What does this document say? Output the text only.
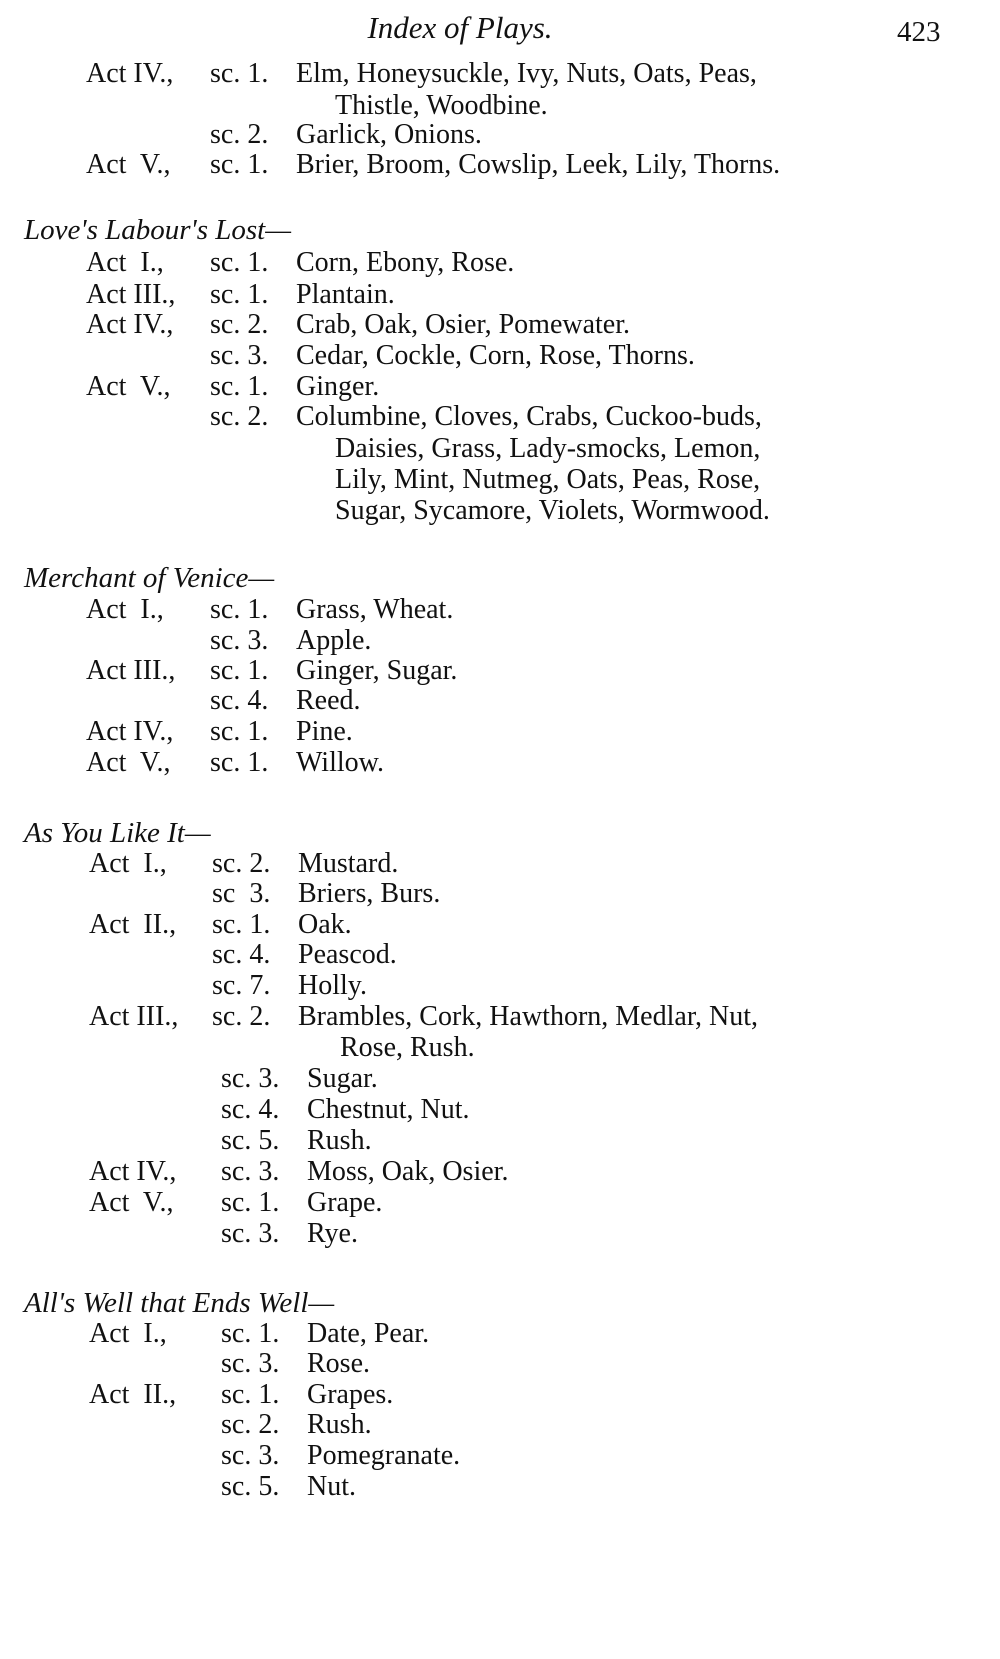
Index of Plays.	423
Act IV., sc. 1. Elm, Honeysuckle, Ivy, Nuts, Oats, Peas,
Thistle, Woodbine.
sc. 2. Garlick, Onions.
Act  V., sc. 1. Brier, Broom, Cowslip, Leek, Lily, Thorns.
Love's Labour's Lost—
Act  I., sc. 1. Corn, Ebony, Rose.
Act III., sc. 1. Plantain.
Act IV., sc. 2. Crab, Oak, Osier, Pomewater.
sc. 3. Cedar, Cockle, Corn, Rose, Thorns.
Act  V., sc. 1. Ginger.
sc. 2. Columbine, Cloves, Crabs, Cuckoo-buds,
Daisies, Grass, Lady-smocks, Lemon,
Lily, Mint, Nutmeg, Oats, Peas, Rose,
Sugar, Sycamore, Violets, Wormwood.
Merchant of Venice—
Act  I., sc. 1. Grass, Wheat.
sc. 3. Apple.
Act III., sc. 1. Ginger, Sugar.
sc. 4. Reed.
Act IV., sc. 1. Pine.
Act  V., sc. 1. Willow.
As You Like It—
Act  I., sc. 2. Mustard.
sc  3. Briers, Burs.
Act  II., sc. 1. Oak.
sc. 4. Peascod.
sc. 7. Holly.
Act III., sc. 2. Brambles, Cork, Hawthorn, Medlar, Nut,
Rose, Rush.
sc. 3. Sugar.
sc. 4. Chestnut, Nut.
sc. 5. Rush.
Act IV., sc. 3. Moss, Oak, Osier.
Act  V., sc. 1. Grape.
sc. 3. Rye.
All's Well that Ends Well—
Act  I., sc. 1. Date, Pear.
sc. 3. Rose.
Act  II., sc. 1. Grapes.
sc. 2. Rush.
sc. 3. Pomegranate.
sc. 5. Nut.
